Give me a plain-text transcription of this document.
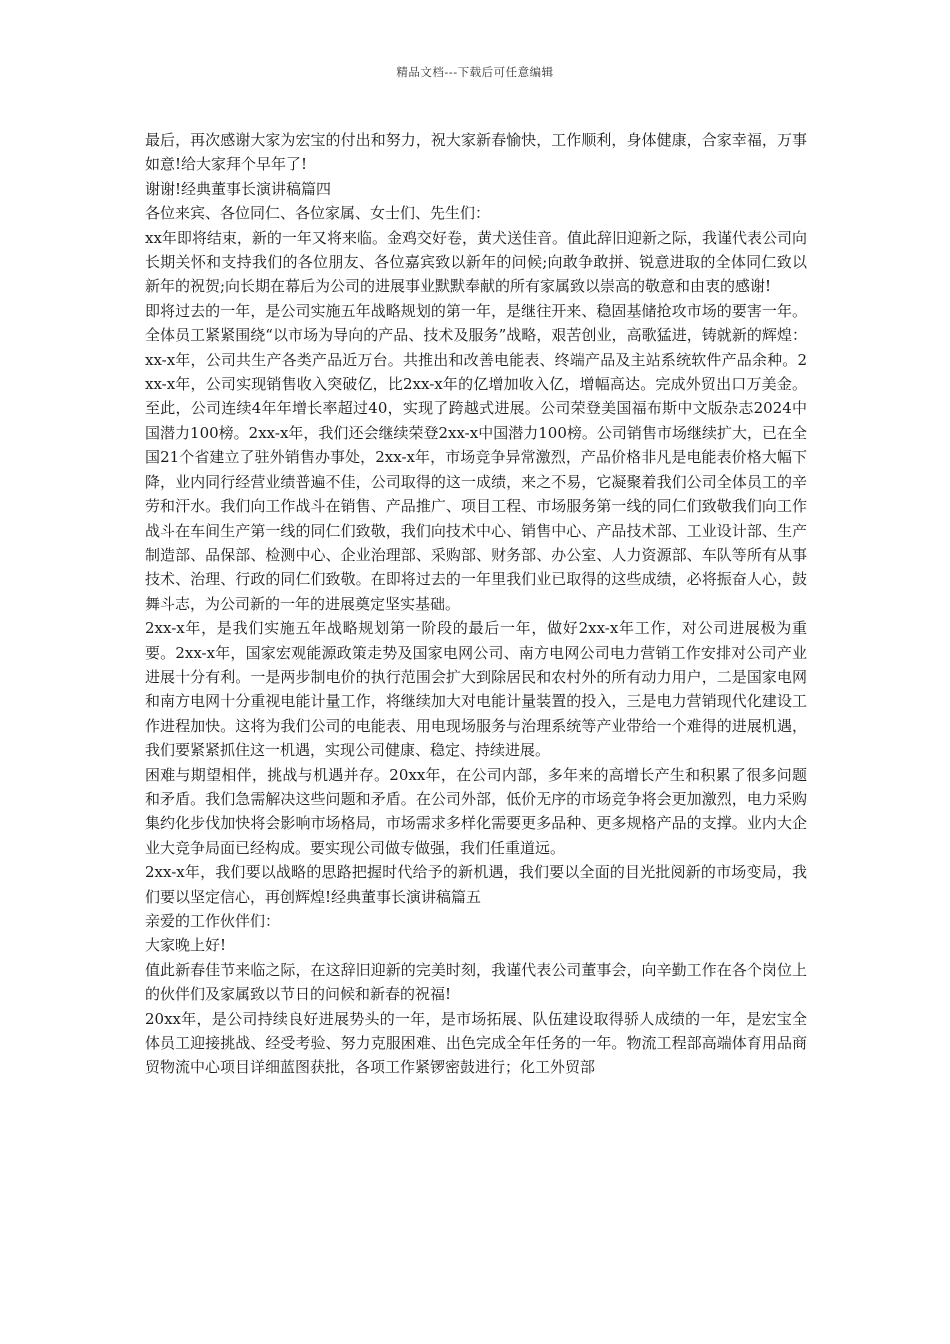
精品文档---下载后可任意编辑

最后，再次感谢大家为宏宝的付出和努力，祝大家新春愉快，工作顺利，身体健康，合家幸福，万事如意!给大家拜个早年了!

谢谢!经典董事长演讲稿篇四

各位来宾、各位同仁、各位家属、女士们、先生们：

xx年即将结束，新的一年又将来临。金鸡交好卷，黄犬送佳音。值此辞旧迎新之际，我谨代表公司向长期关怀和支持我们的各位朋友、各位嘉宾致以新年的问候;向敢争敢拼、锐意进取的全体同仁致以新年的祝贺;向长期在幕后为公司的进展事业默默奉献的所有家属致以崇高的敬意和由衷的感谢!

即将过去的一年，是公司实施五年战略规划的第一年，是继往开来、稳固基储抢攻市场的要害一年。全体员工紧紧围绕“以市场为导向的产品、技术及服务”战略，艰苦创业，高歌猛进，铸就新的辉煌：xx-x年，公司共生产各类产品近万台。共推出和改善电能表、终端产品及主站系统软件产品余种。2xx-x年，公司实现销售收入突破亿，比2xx-x年的亿增加收入亿，增幅高达。完成外贸出口万美金。至此，公司连续4年年增长率超过40，实现了跨越式进展。公司荣登美国福布斯中文版杂志2024中国潜力100榜。2xx-x年，我们还会继续荣登2xx-x中国潜力100榜。公司销售市场继续扩大，已在全国21个省建立了驻外销售办事处，2xx-x年，市场竞争异常激烈，产品价格非凡是电能表价格大幅下降，业内同行经营业绩普遍不佳，公司取得的这一成绩，来之不易，它凝聚着我们公司全体员工的辛劳和汗水。我们向工作战斗在销售、产品推广、项目工程、市场服务第一线的同仁们致敬我们向工作战斗在车间生产第一线的同仁们致敬，我们向技术中心、销售中心、产品技术部、工业设计部、生产制造部、品保部、检测中心、企业治理部、采购部、财务部、办公室、人力资源部、车队等所有从事技术、治理、行政的同仁们致敬。在即将过去的一年里我们业已取得的这些成绩，必将振奋人心，鼓舞斗志，为公司新的一年的进展奠定坚实基础。

2xx-x年，是我们实施五年战略规划第一阶段的最后一年，做好2xx-x年工作，对公司进展极为重要。2xx-x年，国家宏观能源政策走势及国家电网公司、南方电网公司电力营销工作安排对公司产业进展十分有利。一是两步制电价的执行范围会扩大到除居民和农村外的所有动力用户，二是国家电网和南方电网十分重视电能计量工作，将继续加大对电能计量装置的投入，三是电力营销现代化建设工作进程加快。这将为我们公司的电能表、用电现场服务与治理系统等产业带给一个难得的进展机遇，我们要紧紧抓住这一机遇，实现公司健康、稳定、持续进展。

困难与期望相伴，挑战与机遇并存。20xx年，在公司内部，多年来的高增长产生和积累了很多问题和矛盾。我们急需解决这些问题和矛盾。在公司外部，低价无序的市场竞争将会更加激烈，电力采购集约化步伐加快将会影响市场格局，市场需求多样化需要更多品种、更多规格产品的支撑。业内大企业大竞争局面已经构成。要实现公司做专做强，我们任重道远。

2xx-x年，我们要以战略的思路把握时代给予的新机遇，我们要以全面的目光批阅新的市场变局，我们要以坚定信心，再创辉煌!经典董事长演讲稿篇五

亲爱的工作伙伴们：

大家晚上好!

值此新春佳节来临之际，在这辞旧迎新的完美时刻，我谨代表公司董事会，向辛勤工作在各个岗位上的伙伴们及家属致以节日的问候和新春的祝福!

20xx年，是公司持续良好进展势头的一年，是市场拓展、队伍建设取得骄人成绩的一年，是宏宝全体员工迎接挑战、经受考验、努力克服困难、出色完成全年任务的一年。物流工程部高端体育用品商贸物流中心项目详细蓝图获批，各项工作紧锣密鼓进行；化工外贸部
